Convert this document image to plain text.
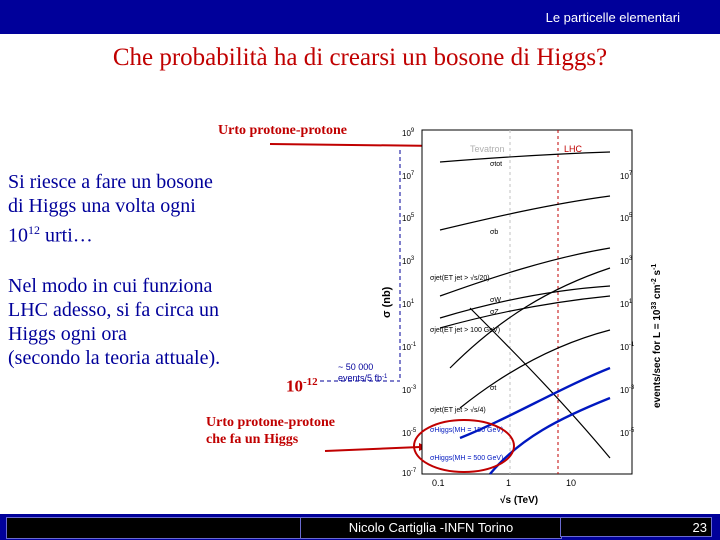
Le particelle elementari
Che probabilità ha di crearsi un bosone di Higgs?
Si riesce a fare un bosone
di Higgs una volta ogni
$10^{12}$ urti…
Nel modo in cui funziona
LHC adesso, si fa circa un
Higgs ogni ora
(secondo la teoria attuale).
Urto protone-protone
Urto protone-protone
che fa un Higgs
$10^{-12}$
$10^9$
$10^7$
$10^5$
$10^3$
$10^1$
$10^{-1}$
$10^{-3}$
$10^{-5}$
$10^{-7}$
$10^7$
$10^5$
$10^3$
$10^1$
$10^{-1}$
$10^{-3}$
$10^{-5}$
0.1	1	10
√s (TeV)
σ (nb)
events/sec for $L = 10^{33}$ $cm^{-2}$ $s^{-1}$
Tevatron	LHC
σtot
σb
σjet(ET jet > √s/20)
σW
σZ
σjet(ET jet > 100 GeV)
σt
σjet(ET jet > √s/4)
σHiggs(MH = 150 GeV)
σHiggs(MH = 500 GeV)
~ 50 000
events/5 $fb^{-1}$
Nicolo Cartiglia -INFN Torino	23
